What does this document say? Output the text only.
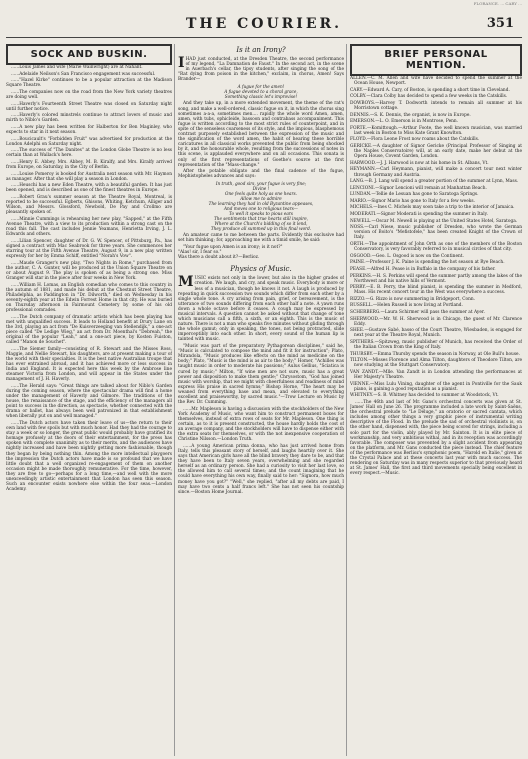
FLORANCE. ... CARY ...
THE COURIER.	351
SOCK AND BUSKIN.

......Louis James and wife (Marie Wainwright) are at Nahant.

......Adelaide Neilson's San Francisco engagement was successful.

......"Hazel Kirke" continues to be a popular attraction at the Madison Square Theatre.

......The companies now on the road from the New York variety theatres are doing well.

......Haverly's Fourteenth Street Theatre was closed on Saturday night until further notice.

......Haverly's colored minstrels continue to attract lovers of music and mirth to Niblo's Garden.

......A new play has been written for Halberton for Ben Maginley, who expects to star in it next season.

......Boucicault's "Forbidden Fruit" was advertised for production at the London Adelphi on Saturday night.

......The success of "The Danites" at the London Globe Theatre is no less certain than at Wallack's here.

......Henry E. Abbey, Mrs. Abbey, M. B. Kiralfy, and Mrs. Kiralfy arrived from Europe, on Saturday, in the City of Berlin.

......Louise Pomeroy is booked for Australia next season with Mr. Haymon as manager. After that she will play a season in London.

......Heuschi has a new Eden Theatre, with a beautiful garden. It has just been opened, and is described as one of the finest theatres in Europe.

......Robert Grau's summer season at the Theatre Royal, Montreal, is reported to be successful. Egberts, Ghisons, Whiting, Ketchum, Alliger and Wilson, and Messrs. Glossford, Newbold, De Pay and Crollmo are pleasantly spoken of.

......Minnie Cummings is rehearsing her new play, "Sapped," at the Fifth Avenue Theatre, with a view to its production within a strong cast on the road this fall. The cast includes Jennie Yeamans, Henrietta Irving, J. L. Edwards and others.

......Lilian Spencer, daughter of Dr. G. W. Spencer, of Pittsburg, Pa., has signed a contract with Mac Seabrook for three years. She commences her starring tour at the Fifth Avenue Theatre, August 9, in a new play written expressly for her by Emma Schiff, entitled "Norah's Vow".

......Maude Granger's new play, "Two Nights in Rome," purchased from the author, C. A. Gunter, will be produced at the Union Square Theatre on or about August 9. The play is spoken of as being a strong one. Miss Granger will star in the piece after four weeks in New York.

......William H. Lomas, an English comedian who comes to this country in the autumn of 1881, and made his debut at the Chestnut Street Theatre, Philadelphia, as Paddington in "Dr. Dilworth," died on Wednesday in his seventy-eighth year at the Edwin Forrest Home in that city. He was buried on Thursday afternoon in Fairmount Cemetery by some of his old professional comrades.

......The Dutch company of dramatic artists which has been playing has met with unqualified success. It leads to Holland benefit at Drury Lane on the 3rd, playing an act from "De Kuisverzeeging van Stellendijk," a one-act piece called "De Ledige Wieg," an act from Dr. Moenthal's "Debreah," the original of the popular "Leah," and a one-act piece, by Kosten Fuiston, called "Manon de Souchet".

......The Siemer family—consisting of R. Stewart and the Misses Ross, Maggie, and Nellie Stewart, his daughters, are at present making a tour of the world with their specialties. It is the best native Australian troupe that has ever entrained abroad, and it has achieved more or less success in India and England. It is expected here this week by the Ambrose line steamer Victoria from London, and will appear in the States under the management of J. H. Haverly.

......The Herald says: "Great things are talked about for Niblo's Garden during the coming season, where the spectacular drama will find a home under the management of Haverly and Gilmore. The traditions of the house, the renaissance of the stage, and the efficiency of the managers all point to success in the direction, as spectacle, whether connected with the drama or ballet, has always been well patronized in that establishment when liberally put on and well managed."

......The Dutch actors have taken their leave of us—the return to their own land with few spoils but with much honor. Had they had the courage to stay a week or so longer, the great public would probably have gratified its homage profusely at the doors of their entertainment, for the press has spoken with complete unanimity as to their merits, and the audiences have nightly increased and have been nightly getting more fashionable, though they began by being nothing thin. Among the more intellectual playgoers the impression the Dutch actors have made is so profound that we have little doubt that a well organized re-engagement of them on another occasion might be made thoroughly remunerative. For the time, however, they are free to go—perhaps for a long time,—and well with the more unexceedingly artistic entertainment that London has seen this season. Such an encounter exists nowhere else within the four seas.—London Academy.

Is it an Irony?

I HAD just conducted, at the Dresden Theatre, the second performance of my legend, "La Damnation de Faust." In the second act, in the scene in Auerbach's cellar, the tipsy students, after singing the song of the "Rat dying from poison in the kitchen," exclaim, in chorus, Amen! Says Brander—

A fugue for the amen!
A fugue devoted to a choral grace,
Something classic let's improvise!

And they take up, in a more extended movement, the theme of the rat's song, and make a well-ordered, classic fugue on it, in which the chorus sing sometimes a-a-a, sometimes men.... rapidly the whole word Amen, amen, amen, with tubs, ophicleide, bassoon and contrabass accompaniment. This fugue is written according to the most strict rules of counterpoint, and in spite of the senseless coarseness of its style, and the impious, blasphemous contrast purposely established between the expression of the music and the signification of the word amen, the habit of hearing these horrible caricatures in all classical works prevented the public from being shocked by it, and the honourable whole, resulting from the successions of notes in this scene, is applauded everywhere and on all occasions. This sonata is only of the first representations of Goethe's source at the first representation of the "Mass-change."

After the potable obligato and the final cadence of the fugue, Mephistopheles advances and says:

In truth, good sirs, your fugue is very fine;
Divine !
One feels quite holy as one hears.
Allow me to admire
The learning they had in old Byzantine appeases,
And moves one to religious tears—
To well it speaks to pious ears
The sentiments that true hearts still inspire,
Where at the Church's bidding of so it lend,
They produce all summed up in this final word.

An amateur came to me between the parts. Evidently this exclusive had set him thinking; for, approaching me with a timid smile, he said:

"Your fugue upon Amen is an irony; is it not?"
"Alas! sir, I fear so."
Was there a doubt about it?—Berlioz.

Physics of Music.

MUSIC exists not only in the lower, but also in the higher grades of creation. We laugh, and cry, and speak music. Everybody is more or less of a musician, though he knows it not. A laugh is produced by repeating in quick succession two sounds which differ from each other by a single whole tone. A cry arising from pain, grief, or bereavement, is the utterance of two sounds differing from each other half a note. A yawn runs down a whole octave before it ceases. A cough may be expressed by musical intervals. A question cannot be asked without that change of tone which musicians call a fifth, a sixth, or an eighth. This is the music of nature. There is not a man who speaks five minutes without gliding through the whole gamut; only in speaking, the tones, not being protracted, slide imperceptibly into each other. In short, every sound of the human lip is tainted with music.

"Music was part of the preparatory Pythagorean disciplines," said he, "Music is calculated to compose the mind and fit it for instruction"; Plato, Mirandola, "Music produces like effects on the mind as medicine on the body;" Plato, "Music is the mind is as air to the body;" Homer, "Achilles was taught music in order to moderate his passions;" Aulus Gellius, "Sciatica is cured by music;" Milton, "If wine men are not sure, music has a great power and disposition to make them gentle;" Chrysostom, "God has joined music with worship, that we might with cheerfulness and readiness of mind express His praise in sacred hymns;" Bishop Horne, "The heart may be weaned from everything base and mean, and elevated to everything excellent and praiseworthy, by sacred music."—Trow Lecture on Music by the Rev. Dr. Cumming.

......Mr. Mapleson is having a discussion with the stockholders of the New York Academy of Music, who want him to construct permanent boxes for themselves, instead of extra rows of seats for Mr. Mapleson. One thing is certain, as to it is present constructed, the house hardly holds the cost of an average company, and the stockholders will have to dispense either with the extra seats for themselves, or with the not inexpensive cooperation of Christine Nilsson.—London Truth.

......A young American prima donna, who has just arrived home from Italy, tells this pleasant story of herself, and laughs heartily over it. She says that American girls have all the blind bravery they dare to be, and that they have been to Italy seven years, overwhelming and she regarded herself as an ordinary person. She had a curiosity to visit her last love, so the allowed him to call several times; and the count imagining that he could have everything his own way, finally said to her: "Signora, how much money have you got?" "Well," she replied, "after all my debts are paid, I may have two cents a half francs left." She has not seen his countship since.—Boston Home Journal.

BRIEF PERSONAL MENTION.

ALLEN.—C. M. Allen and wife have decided to spend the summer at the Ocean House, Newport.

CARY.—Edward A. Cary, of Boston, is spending a short time in Cleveland.

COLBY.—Clara Colby has decided to spend a few weeks in the Catskills.

DOWBOYS.—Harvey T. Dodworth intends to remain all summer at his Morristown cottage.

DENNIS.—S. K. Dennis, the organist, is now in Europe.

EMERSON.—L. O. Emerson is in Montrose, Penn.

FORTE.—Komittough.—Arthur Foote, the well known musician, was married last week in Boston to Miss Kate Grant Knowlton.

FLOYD.—Flora Leone Frost now roams about the Catskills.

GERICKE.—A daughter of Signor Gericke (Principal Professor of Singing at the Naples Conservatoire) will, at an early date, make her debut at the Opera House, Covent Garden, London.

HARWOOD.—J. J. Harwood is now at his home in St. Albans, Vt.

HEYMANN.—Carl Heymann, pianist, will make a concert tour next winter through Germany and Austria.

LANG.—B. J. Lang will spend a greater portion of the summer at Lynn, Mass.

LENCIONI.—Signor Lencioni will remain at Manhattan Beach.

LUNDAN.—Tellie de Lesuan has gone to Saratoga Springs.

MARIO.—Signor Mario has gone to Italy for a few weeks.

MICHELS.—Ines C. Michels may soon take a trip to the interior of Jamaica.

MODERATI.—Signor Moderati is spending the summer in Italy.

NEWELL.—Oscar M. Newell is playing at the United States Hotel, Saratoga.

NOSS.—Carl Niese, music publisher of Dresden, who wrote the German version of Boito's "Mefistofele," has been created Knight of the Crown of Italy.

ORTH.—The appointment of John Orth as one of the members of the Boston Conservatory, is very favorably referred to in musical circles of that city.

OSGOOD.—Geo. L. Osgood is now on the Continent.

PAINE.—Professor J. K. Paine is spending the hot season at Rye Beach.

PEASE.—Alfred H. Pease is in Buffalo in the company of his father.

PERKINS.—H. S. Perkins will spend the summer partly among the lakes of the Northwest and his native hills of Vermont.

PERRY.—E. B. Perry, the blind pianist, is spending the summer in Medford, Mass. His recent concert tour in the West was everywhere a success.

RIZZO.—G. Rizzo is now summering in Bridgeport, Conn.

RUSSELL.—Helen Russell is now living at Portland.

SCHERBERG.—Laura Schirmer will pass the summer at Ayer.

SHERWOOD.—Mr. W. H. Sherwood is in Chicago, the guest of Mr. Clarence Eddy.

SHEE.—Gustave Sabé, basso of the Court Theatre, Wiesbaden, is engaged for next year at the Theatre Royal, Munich.

SPITHERS.—Spitzweg, music publisher of Munich, has received the Order of the Italian Crown from the King of Italy.

THURSBY.—Emma Thursby spends the season in Norway, at Ole Bull's house.

TILTON.—Misses Florence and Alma Tilton, daughters of Theodore Tilton, are now studying at the Stuttgart Conservatory.

VAN ZANDT.—Mlle. Van Zandt is in London attending the performances at Her Majesty's Theatre.

VIENNE.—Miss Lulu Vining, daughter of the agent in Pontiville for the Sauk piano, is gaining a good reputation as a pianist.

WHITNEY.—S. B. Whitney has decided to summer at Woodstock, Vt.

......The 46th and last of Mr. Gans's orchestral concerts was given at St. James' Hall on June 26. The programme included a late work by Saint-Saëns, the orchestral prelude to "Le Déluge," an oratorio or sacred cantata, which includes among other things a very graphic piece of instrumental writing descriptive of the Flood. In the prelude the sad of orchestral violinists is, on the other hand, dispensed with, the piece being scored for strings, including a solo part for the violin, ably played by Mr. Sainton. It is in elite piece of workmanship, and very ambitious withal, and in its reception was accordingly favorable. The composer was prevented by a slight accident from appearing on the platform, and Mr. Gans conducted the piece instead. The chief feature of the performance was Berlioz's symphonic poem, "Harold en Italie," given at the Crystal Palace and at these concerts last year with much success. The rendering on Saturday was in many respects superior to that previously heard at St. James' Hall, the first and third movements specially being excellent in every respect.—Music.
